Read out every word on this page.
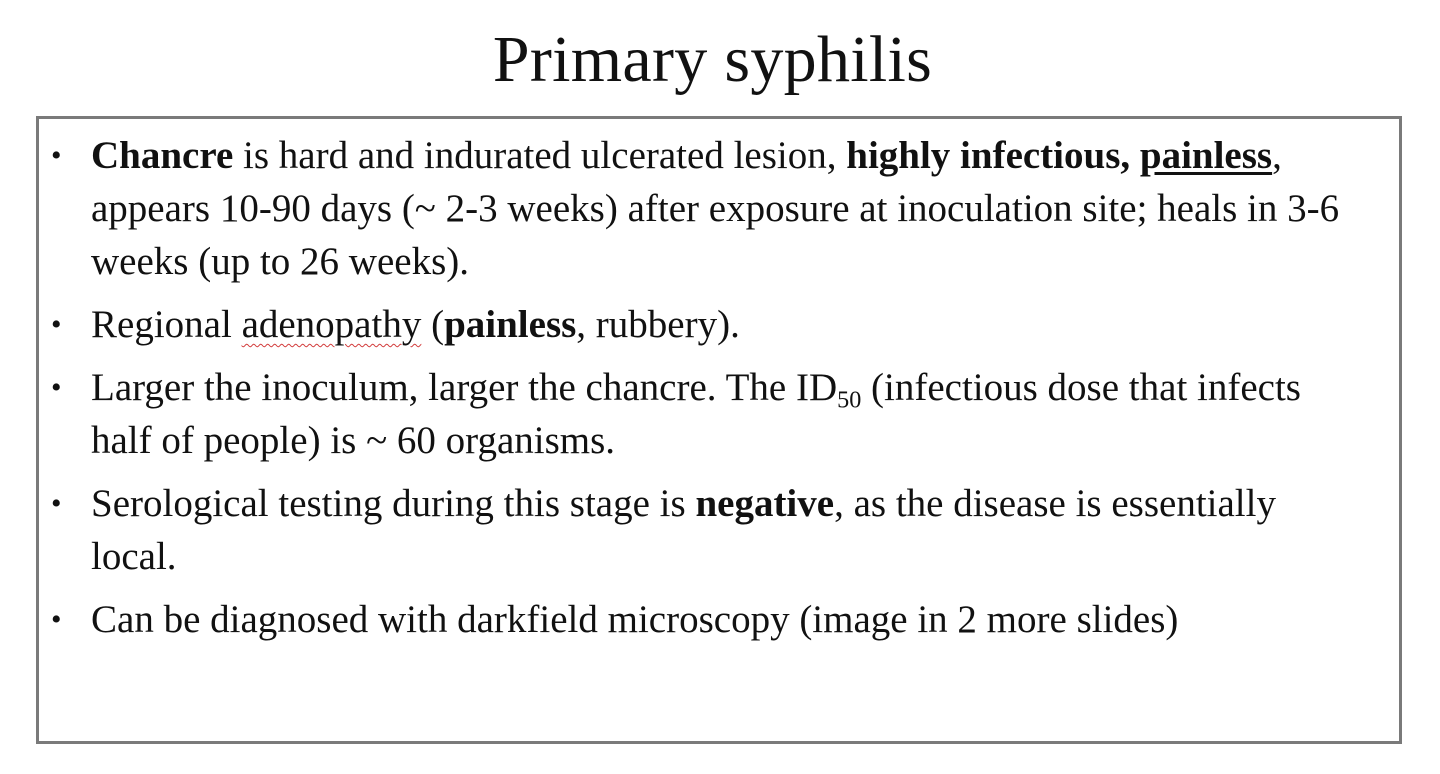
Primary syphilis
• Chancre is hard and indurated ulcerated lesion, highly infectious, painless, appears 10-90 days (~ 2-3 weeks) after exposure at inoculation site; heals in 3-6 weeks (up to 26 weeks).
• Regional adenopathy (painless, rubbery).
• Larger the inoculum, larger the chancre. The $ID_{50}$ (infectious dose that infects half of people) is ~ 60 organisms.
• Serological testing during this stage is negative, as the disease is essentially local.
• Can be diagnosed with darkfield microscopy (image in 2 more slides)
